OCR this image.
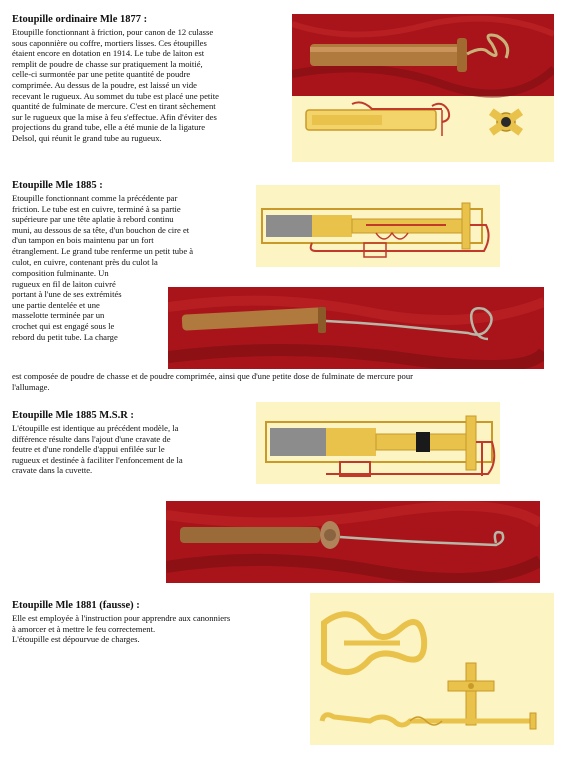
Etoupille ordinaire Mle 1877 :

Etoupille fonctionnant à friction, pour canon de 12 culasse
sous caponnière ou coffre, mortiers lisses. Ces étoupilles
étaient encore en dotation en 1914. Le tube de laiton est
remplit de poudre de chasse sur pratiquement la moitié,
celle-ci surmontée par une petite quantité de poudre
comprimée. Au dessus de la poudre, est laissé un vide
recevant le rugueux. Au sommet du tube est placé une petite
quantité de fulminate de mercure. C'est en tirant sèchement
sur le rugueux que la mise à feu s'effectue. Afin d'éviter des
projections du grand tube, elle a été munie de la ligature
Delsol, qui réunit le grand tube au rugueux.

Etoupille Mle 1885 :

Etoupille fonctionnant comme la précédente par
friction. Le tube est en cuivre, terminé à sa partie
supérieure par une tête aplatie à rebord continu
muni, au dessous de sa tête, d'un bouchon de cire et
d'un tampon en bois maintenu par un fort
étranglement. Le grand tube renferme un petit tube à
culot, en cuivre, contenant près du culot la

composition fulminante. Un
rugueux en fil de laiton cuivré
portant à l'une de ses extrémités
une partie dentelée et une
masselotte terminée par un
crochet qui est engagé sous le
rebord du petit tube. La charge

est composée de poudre de chasse et de poudre comprimée, ainsi que d'une petite dose de fulminate de mercure pour
l'allumage.

Etoupille Mle 1885 M.S.R :

L'étoupille est identique au précédent modèle, la
différence résulte dans l'ajout d'une cravate de
feutre et d'une rondelle d'appui enfilée sur le
rugueux et destinée à faciliter l'enfoncement de la
cravate dans la cuvette.

Etoupille Mle 1881 (fausse) :

Elle est employée à l'instruction pour apprendre aux canonniers
à amorcer et à mettre le feu correctement.
L'étoupille est dépourvue de charges.
